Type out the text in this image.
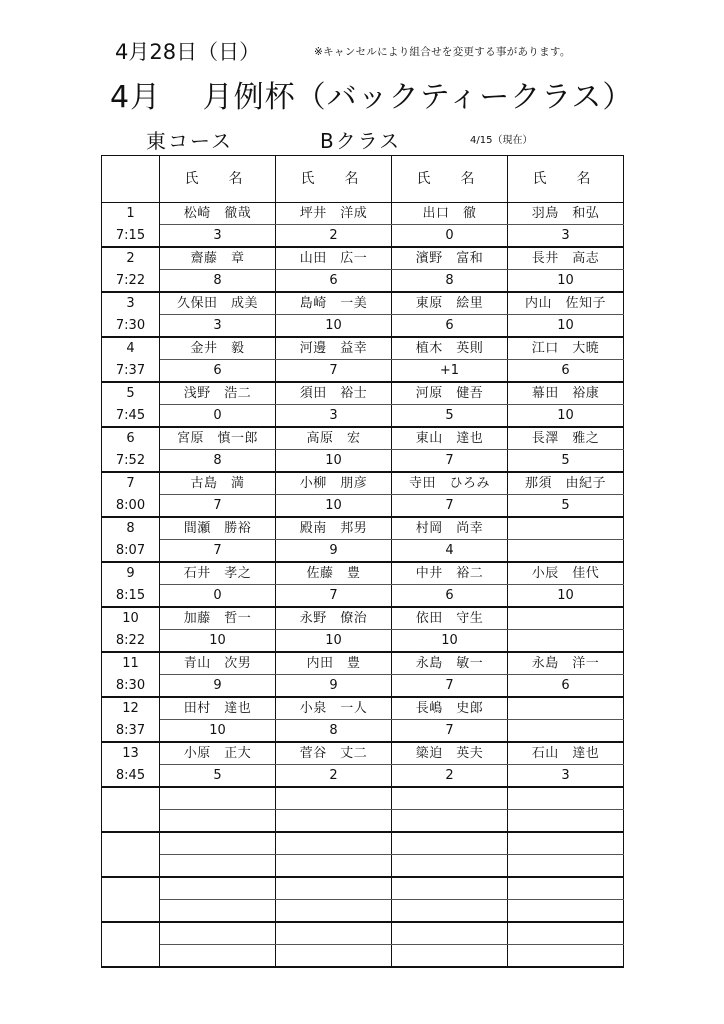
4月28日（日）	※キャンセルにより組合せを変更する事があります。
4月　 月例杯（バックティークラス）
東コース	Bクラス	4/15（現在）
	氏　名	氏　名	氏　名	氏　名
1	松崎　徹哉	坪井　洋成	出口　徹	羽鳥　和弘
7:15	3	2	0	3
2	齋藤　章	山田　広一	濱野　富和	長井　高志
7:22	8	6	8	10
3	久保田　成美	島崎　一美	東原　絵里	内山　佐知子
7:30	3	10	6	10
4	金井　毅	河邊　益幸	植木　英則	江口　大暁
7:37	6	7	+1	6
5	浅野　浩二	須田　裕士	河原　健吾	幕田　裕康
7:45	0	3	5	10
6	宮原　慎一郎	高原　宏	東山　達也	長澤　雅之
7:52	8	10	7	5
7	古島　満	小柳　朋彦	寺田　ひろみ	那須　由紀子
8:00	7	10	7	5
8	間瀬　勝裕	殿南　邦男	村岡　尚幸	
8:07	7	9	4	
9	石井　孝之	佐藤　豊	中井　裕二	小辰　佳代
8:15	0	7	6	10
10	加藤　哲一	永野　僚治	依田　守生	
8:22	10	10	10	
11	青山　次男	内田　豊	永島　敏一	永島　洋一
8:30	9	9	7	6
12	田村　達也	小泉　一人	長嶋　史郎	
8:37	10	8	7	
13	小原　正大	菅谷　丈二	簗迫　英夫	石山　達也
8:45	5	2	2	3
